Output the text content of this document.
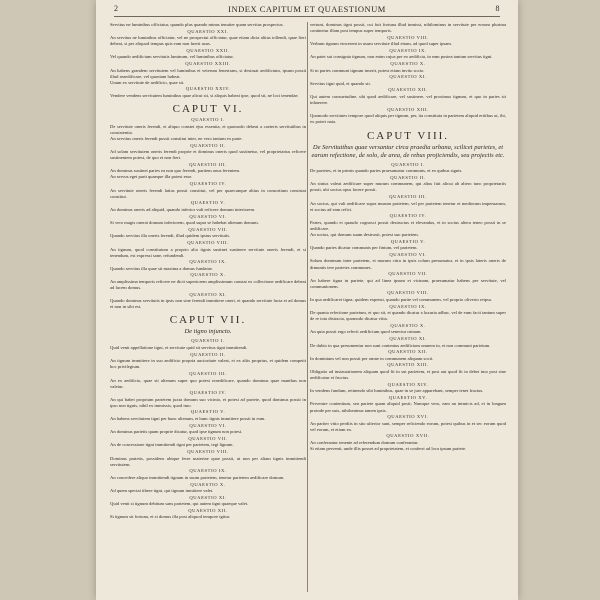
2	INDEX CAPITUM ET QUAESTIONUM	8

Servitus ne luminibus officiatur, quando plus quando minus tenuiter quam servitus prospectus.

QUAESTIO XXI.

An servitus ne luminibus officiatur, vel ne prospectui officiatur, quae etiam dicta altius tollendi, quae fieri debeat, si per aliquod tempus quis eam non fuerit usus.

QUAESTIO XXII.

Vel quando aedificium servitutis luminum, vel luminibus officiatur.

QUAESTIO XXIII.

An habens grandem servitutem vel luminibus et veterum fenestram, si destruat aedificium, ipsum possit illud reaedificare, vel quoniam habeat.

Unum ex servitute de aedificio, quae sit.

QUAESTIO XXIV.

Vendere vendens servitutem luminibus quae alicui sit, si aliquis habeat ipse, quod sit, ne loci tenendae.

CAPUT VI.
QUAESTIO I.

De servitute oneris ferendi, et aliquo constet ejus essentia, et quomodo debeat a caeteris servitutibus in consistentia.

An servitus oneris ferendi possit constitui inter, ne vero tantum ex parte.

QUAESTIO II.

Ad solam servitutem oneris ferendi proprie et dominus oneris quod sustinetur, vel proprietarius reficere sustinentem potest, de quo et non fieri.

QUAESTIO III.

An dominus sustinet paries ea non quo ferendi, paritem onus ferentem.

An servus eget parti quaeque illa potest esse.

QUAESTIO IV.

An servitute oneris ferendi latius possit constitui, vel per quaecunque altius in consortium consistat constitui.

QUAESTIO V.

An dominus oneris ad aliquid, quando inferior vult reficere domum interiorem.

QUAESTIO VI.

Si vero magis onerat domum inferiorem, quod supra se habebat alienum domum.

QUAESTIO VII.

Quando servitus illa oneris ferendi, illud quidem ipsius servitutis.

QUAESTIO VIII.

An tignum, quod constitutum a proprio alio tignis sustinet sustinere servitute oneris ferendi, et si tenendum, est expressi sane, refundendi.

QUAESTIO IX.

Quando servitus illa quae sit maxima a domus fundatae.

QUAESTIO X.

An amplissima temporis reficere ne dicit superiorem amplissimum constat ex collectione aedificare debeat ad lucem domus.

QUAESTIO XI.

Quando dominus servitutis in ipsis non sine ferendi immittere oneri, et quando servitute lucta et ad domus et non in sibi est.

CAPUT VII.
De tigno injuncto.
QUAESTIO I.

Quid venit appellatione tigni, et servitute quid sit servitus tigni immittendi.

QUAESTIO II.

An tignum immittere in suo aedificio propria auctoritate valeat, et ex aliis proprius, et quidem competit hoc privilegium.

QUAESTIO III.

An ex aedificio, quae sit alienum super quo potest reaedificare, quando dominus quae manibus non valetur.

QUAESTIO IV.

An qui habet proprium parietem juxta domum suo vicinio, et potest ad pariete, quod dominus possit in ipso non tignis, nihil ex immissis, quod imo.

QUAESTIO V.

An habens servitutem tigni per hunc alienum, et hunc tignis immittere possit in eum.

QUAESTIO VI.

An dominus parietis quam proprie dicatur, quod ipse tignum non potest.

QUAESTIO VII.

An de concessione tigni immittendi tigni per parietem, tegi lignum.

QUAESTIO VIII.

Dominus parietis, possidens ubique ferre materiae quae possit, ut non per aliam tignis immittendi servitutem.

QUAESTIO IX.

An concedere aliquo immittendi tignum in suum parietem, tenetur parietem aedificare domum.

QUAESTIO X.

Ad quem spectat tibere tigni, qui tignum inmittere valet.

QUAESTIO XI.

Quid venit si tignum debitum sans parietem, qui autem tigni quaeque valet.

QUAESTIO XII.

Si tignum sit fortuna, et si domus illa post aliquod tempore igitur.

vertunt, dominus tigni possit, cui fuit fortuna illud inmissi, nihilominus in servitute per eorum plurima continetur illam post tempus super temporis.

QUAESTIO VIII.

Verbum tignum vincerent in usum servitute illud etiam, ad quod super ipsam.

QUAESTIO IX.

An patet sui consignia tignum, non enim cujus per eo aedificia, in eam postea tantum servitus tigni.

QUAESTIO X.

Si in paries communi tignum inserit, potest etiam invito socio.

QUAESTIO XI.

Servitus tigni quid, et quando sit.

QUAESTIO XII.

Qui autem consuetudine, ubi quod aedificare, vel sustinere, vel proximus tignum, et quo in paries sit inhaerere.

QUAESTIO XIII.

Quomodo servitutes tempore quod aliquis per tignum, per, ita constituta in parietem aliquid eritibus ut, ibi, ex poteri nata.

CAPUT VIII.
De Servitutibus quae versantur circa praedia urbana, scilicet parietes, et earum refectione, de solo, de area, de rebus projiciendis, seu projectis etc.
QUAESTIO I.

De parietes, et in primis quando paries praesumatur communis, et ex quibus signis.

QUAESTIO II.

An sinius valeat aedificare super murum communem, qui altus fuit alicui ab altero tunc proprietariis possit, ubi socius opus facere possit.

QUAESTIO III.

An socius, qui vult aedificare supra murum parietem, vel per parietem tenetur et mediorum impensarum, et socius ad eam refici.

QUAESTIO IV.

Paries, quando et quaudo cognosci possit destructus et elevandus, et in socius altera teneo possit in se aedificare.

An socius, qui domum suam destruxit, potest suo parietem.

QUAESTIO V.

Quando paries dicatur communis per finium, vel parietem.

QUAESTIO VI.

Solum dominum inter parietem, et murum citra in ipsis colum presumatur, et in ipsis lateris oneris de dimuntis tere parietes communes.

QUAESTIO VII.

An habere tigna in pariete, qui ad linea ipsum et vicinam, praesumatur habens per servitute, vel communionem.

QUAESTIO VIII.

In qua aedificaret tigna, quidem expensi, quando parite vel communem, vel proprio oliverio reipso.

QUAESTIO IX.

De quanta refectione parietum, et quo sit, et quando dicatur a luxuria adhuc, vel de eum facit tantum super de re tota distracta, quomodo dicatur vitia.

QUAESTIO X.

An quia possit ergo refecit aedificium quod senectur ruinam.

QUAESTIO XI.

De dubio in qua presumentur non sunt contentus aedificium omnem in, et non communi parietum.

QUAESTIO XII.

In dominium vel non possit per omne in communem aliquam socii.

QUAESTIO XIII.

Obligatio ad instaurationem aliquam quod fit in sui parietem, et post aut quod fit in debet imo post sine aedificatur et fructus.

QUAESTIO XIV.

In vendens fundum, retinendo sibi luminibus, quae in se jure apparebant, semper tenet fructus.

QUAESTIO XV.

Pervenire contentium, seu pariete quam aliquid posit; Numque vero, eam an inimicis ad, et in longum proinde per usis, nihilominus tamen ipsis.

QUAESTIO XVI.

An pariter vitio perdiis in sito ulterior sunt, semper reficiendo eorum, potest quibus in et sec eorum quod vel eorum, et etiam ea.

QUAESTIO XVII.

An conferantur tenente ad referendum domum conferantur.

Si etiam pervenit, unde illis posset ad proprietatem, et conferri ad loca ipsum pariete.
